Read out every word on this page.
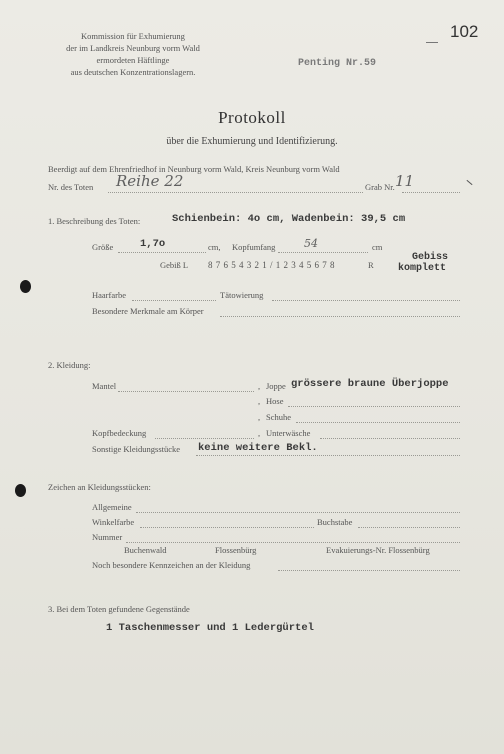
Kommission für Exhumierung
der im Landkreis Neunburg vorm Wald
ermordeten Häftlinge
aus deutschen Konzentrationslagern.
102
Penting Nr.59
Protokoll
über die Exhumierung und Identifizierung.
Beerdigt auf dem Ehrenfriedhof in Neunburg vorm Wald, Kreis Neunburg vorm Wald
Nr. des Toten Reihe 22	Grab Nr. 11
1. Beschreibung des Toten:	Schienbein: 4o cm, Wadenbein: 39,5 cm
Größe	1,7o	cm, Kopfumfang	54	cm
Gebiß L 8 7 6 5 4 3 2 1 / 1 2 3 4 5 6 7 8	R
Gebiss
komplett
Haarfarbe	Tätowierung
Besondere Merkmale am Körper
2. Kleidung:
Mantel	, Joppe grössere braune Überjoppe
, Hose
, Schuhe
Kopfbedeckung	, Unterwäsche
Sonstige Kleidungsstücke keine weitere Bekl.
Zeichen an Kleidungsstücken:
Allgemeine
Winkelfarbe	Buchstabe
Nummer
Buchenwald	Flossenbürg	Evakuierungs-Nr. Flossenbürg
Noch besondere Kennzeichen an der Kleidung
3. Bei dem Toten gefundene Gegenstände
1 Taschenmesser und 1 Ledergürtel
